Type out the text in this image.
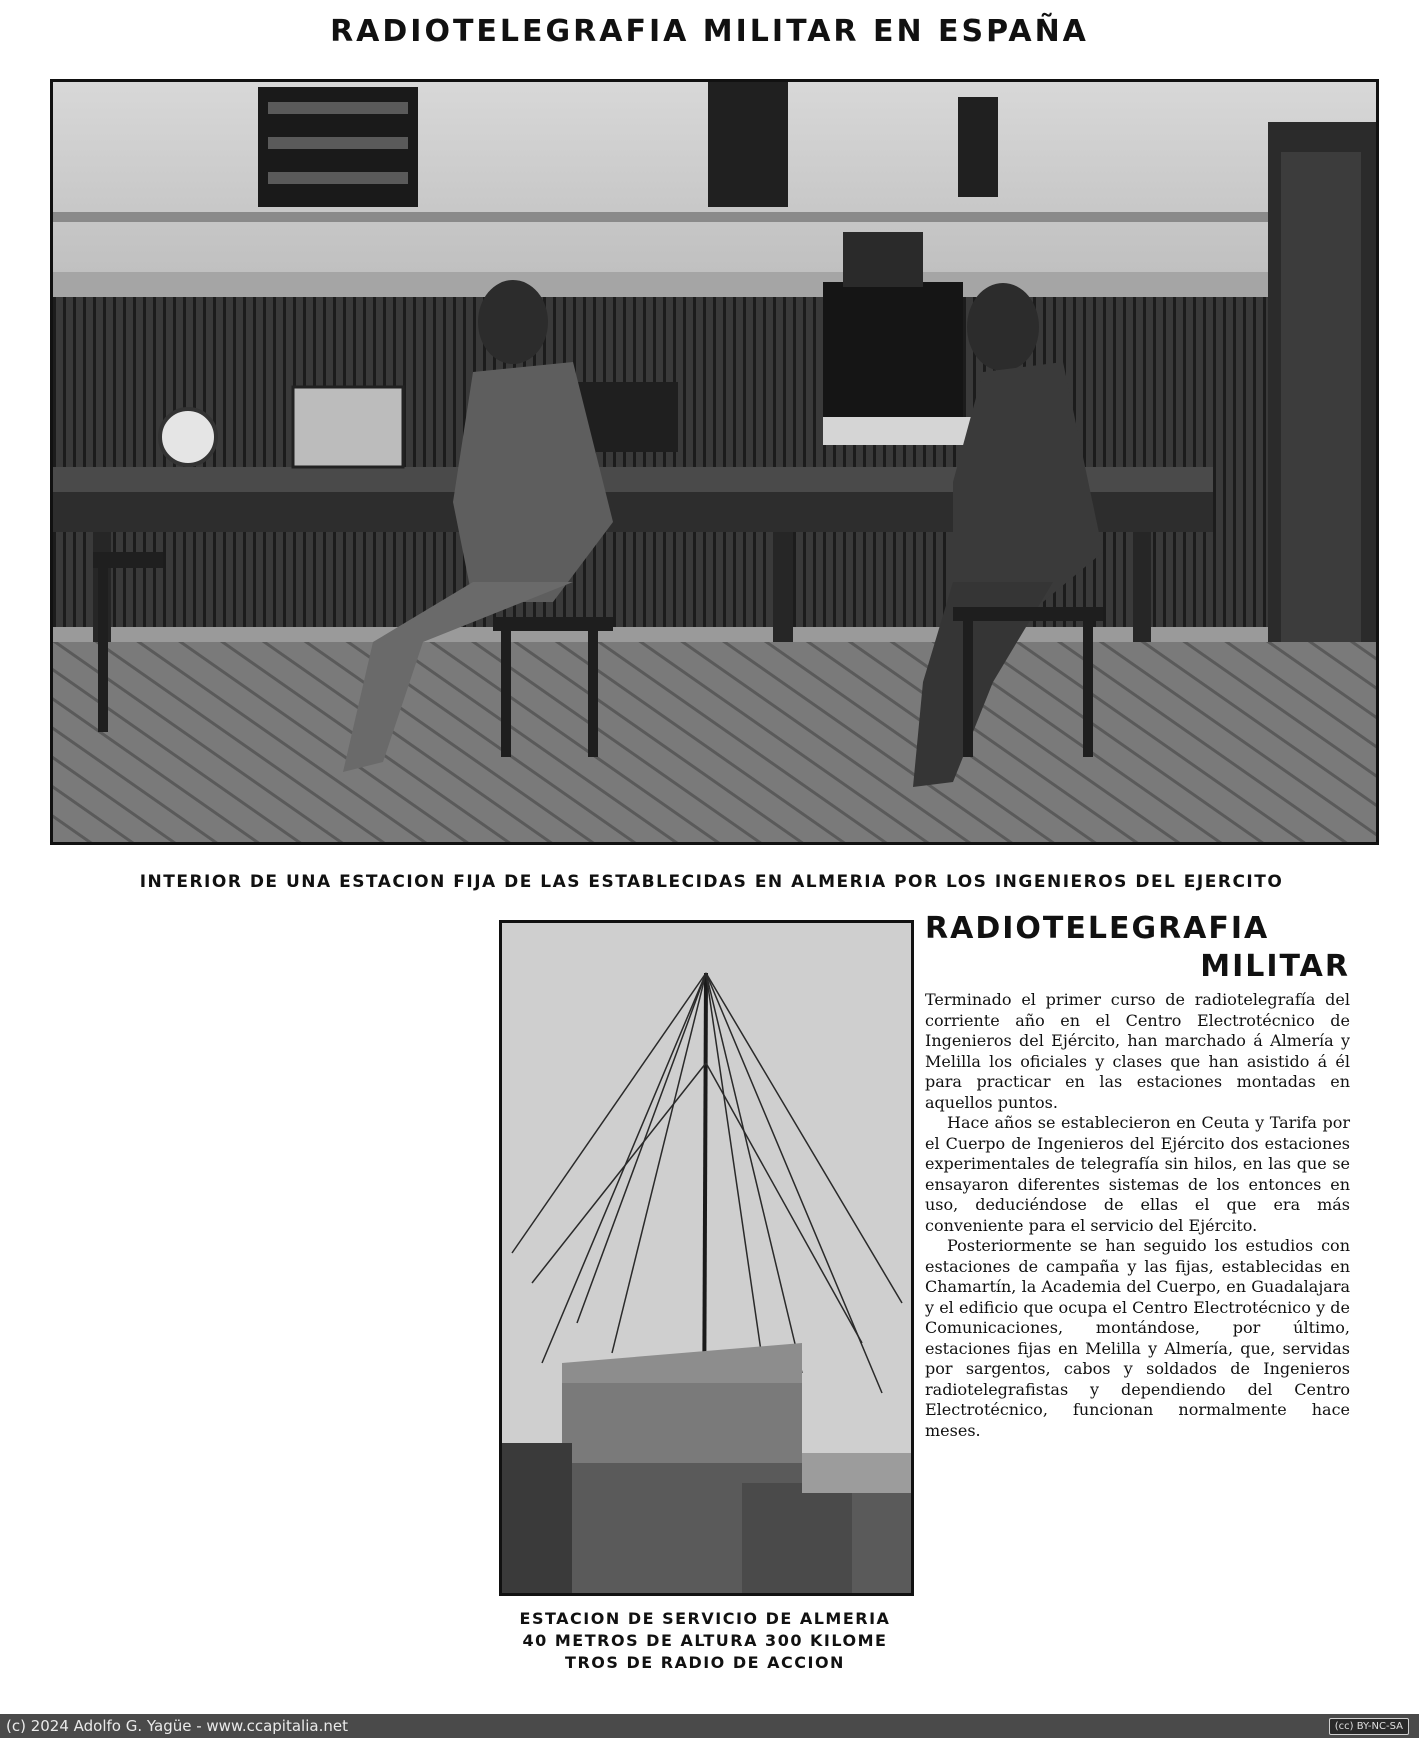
RADIOTELEGRAFIA MILITAR EN ESPAÑA
INTERIOR DE UNA ESTACION FIJA DE LAS ESTABLECIDAS EN ALMERIA POR LOS INGENIEROS DEL EJERCITO
ESTACION DE SERVICIO DE ALMERIA
40 METROS DE ALTURA 300 KILOME
TROS DE RADIO DE ACCION
RADIOTELEGRAFIA
MILITAR

Terminado el primer curso de radiotelegrafía del corriente año en el Centro Electrotécnico de Ingenieros del Ejército, han marchado á Almería y Melilla los oficiales y clases que han asistido á él para practicar en las estaciones montadas en aquellos puntos.

Hace años se establecieron en Ceuta y Tarifa por el Cuerpo de Ingenieros del Ejército dos estaciones experimentales de telegrafía sin hilos, en las que se ensayaron diferentes sistemas de los entonces en uso, deduciéndose de ellas el que era más conveniente para el servicio del Ejército.

Posteriormente se han seguido los estudios con estaciones de campaña y las fijas, establecidas en Chamartín, la Academia del Cuerpo, en Guadalajara y el edificio que ocupa el Centro Electrotécnico y de Comunicaciones, montándose, por último, estaciones fijas en Melilla y Almería, que, servidas por sargentos, cabos y soldados de Ingenieros radiotelegrafistas y dependiendo del Centro Electrotécnico, funcionan normalmente hace meses.

(c) 2024 Adolfo G. Yagüe - www.ccapitalia.net	(cc) BY-NC-SA
